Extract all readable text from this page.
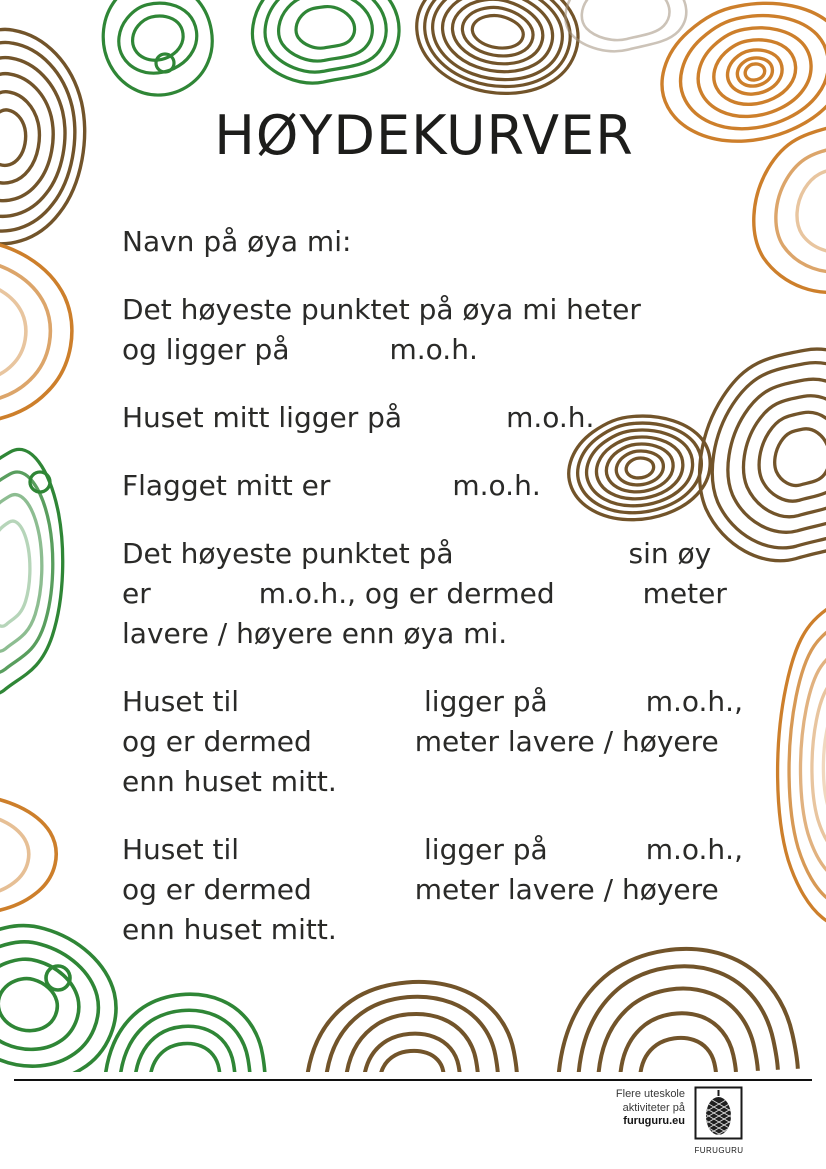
HØYDEKURVER
Navn på øya mi:
Det høyeste punktet på øya mi heter
og ligger på	m.o.h.
Huset mitt ligger på	m.o.h.
Flagget mitt er	m.o.h.
Det høyeste punktet på	sin øy
er	m.o.h., og er dermed	meter
lavere / høyere enn øya mi.
Huset til	ligger på	m.o.h.,
og er dermed	meter lavere / høyere
enn huset mitt.
Huset til	ligger på	m.o.h.,
og er dermed	meter lavere / høyere
enn huset mitt.
Flere uteskole
aktiviteter på
furuguru.eu
FURUGURU
